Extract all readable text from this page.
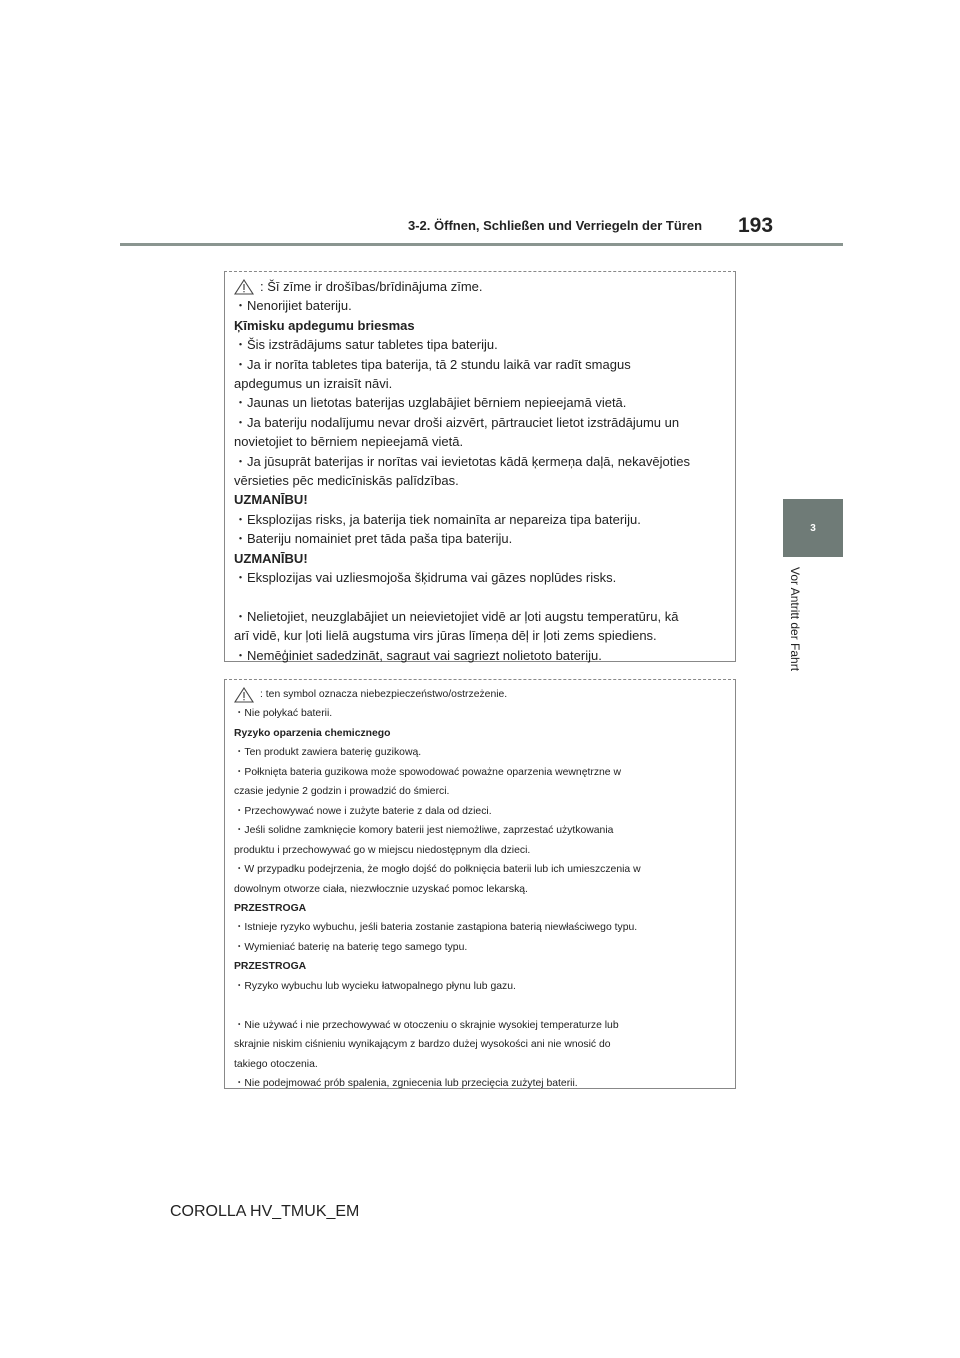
3-2. Öffnen, Schließen und Verriegeln der Türen 193
3
Vor Antritt der Fahrt
: Šī zīme ir drošības/brīdinājuma zīme.
・Nenorijiet bateriju.
Ķīmisku apdegumu briesmas
・Šis izstrādājums satur tabletes tipa bateriju.
・Ja ir norīta tabletes tipa baterija, tā 2 stundu laikā var radīt smagus
apdegumus un izraisīt nāvi.
・Jaunas un lietotas baterijas uzglabājiet bērniem nepieejamā vietā.
・Ja bateriju nodalījumu nevar droši aizvērt, pārtrauciet lietot izstrādājumu un
novietojiet to bērniem nepieejamā vietā.
・Ja jūsuprāt baterijas ir norītas vai ievietotas kādā ķermeņa daļā, nekavējoties
vērsieties pēc medicīniskās palīdzības.
UZMANĪBU!
・Eksplozijas risks, ja baterija tiek nomainīta ar nepareiza tipa bateriju.
・Bateriju nomainiet pret tāda paša tipa bateriju.
UZMANĪBU!
・Eksplozijas vai uzliesmojoša šķidruma vai gāzes noplūdes risks.

・Nelietojiet, neuzglabājiet un neievietojiet vidē ar ļoti augstu temperatūru, kā
arī vidē, kur ļoti lielā augstuma virs jūras līmeņa dēļ ir ļoti zems spiediens.
・Nemēģiniet sadedzināt, sagraut vai sagriezt nolietoto bateriju.
: ten symbol oznacza niebezpieczeństwo/ostrzeżenie.
・Nie połykać baterii.
Ryzyko oparzenia chemicznego
・Ten produkt zawiera baterię guzikową.
・Połknięta bateria guzikowa może spowodować poważne oparzenia wewnętrzne w
czasie jedynie 2 godzin i prowadzić do śmierci.
・Przechowywać nowe i zużyte baterie z dala od dzieci.
・Jeśli solidne zamknięcie komory baterii jest niemożliwe, zaprzestać użytkowania
produktu i przechowywać go w miejscu niedostępnym dla dzieci.
・W przypadku podejrzenia, że mogło dojść do połknięcia baterii lub ich umieszczenia w
dowolnym otworze ciała, niezwłocznie uzyskać pomoc lekarską.
PRZESTROGA
・Istnieje ryzyko wybuchu, jeśli bateria zostanie zastąpiona baterią niewłaściwego typu.
・Wymieniać baterię na baterię tego samego typu.
PRZESTROGA
・Ryzyko wybuchu lub wycieku łatwopalnego płynu lub gazu.

・Nie używać i nie przechowywać w otoczeniu o skrajnie wysokiej temperaturze lub
skrajnie niskim ciśnieniu wynikającym z bardzo dużej wysokości ani nie wnosić do
takiego otoczenia.
・Nie podejmować prób spalenia, zgniecenia lub przecięcia zużytej baterii.
COROLLA HV_TMUK_EM
